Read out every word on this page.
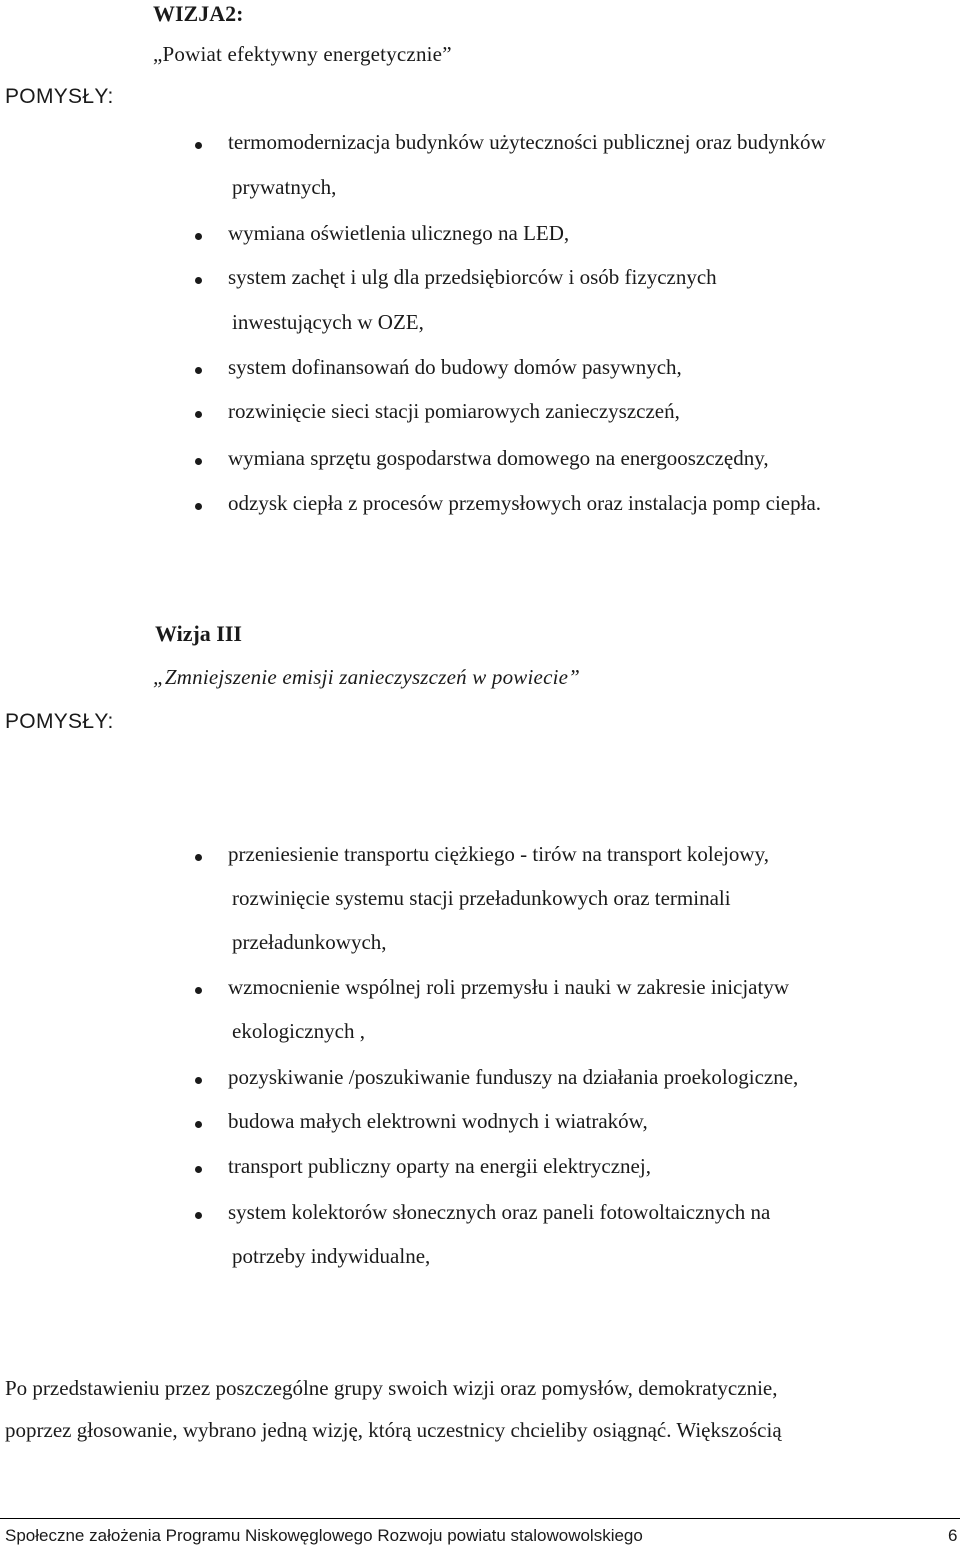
WIZJA2:
„Powiat efektywny energetycznie”
POMYSŁY:
termomodernizacja budynków użyteczności publicznej oraz budynków
prywatnych,
wymiana oświetlenia ulicznego na LED,
system zachęt i ulg dla przedsiębiorców i osób fizycznych
inwestujących w OZE,
system dofinansowań do budowy domów pasywnych,
rozwinięcie sieci stacji pomiarowych zanieczyszczeń,
wymiana sprzętu gospodarstwa domowego na energooszczędny,
odzysk ciepła z procesów przemysłowych oraz instalacja pomp ciepła.
Wizja III
„Zmniejszenie emisji zanieczyszczeń w powiecie”
POMYSŁY:
przeniesienie transportu ciężkiego - tirów na transport kolejowy,
rozwinięcie systemu stacji przeładunkowych oraz terminali
przeładunkowych,
wzmocnienie wspólnej roli przemysłu i nauki w zakresie inicjatyw
ekologicznych ,
pozyskiwanie /poszukiwanie funduszy na działania proekologiczne,
budowa małych elektrowni wodnych i wiatraków,
transport publiczny oparty na energii elektrycznej,
system kolektorów słonecznych oraz paneli fotowoltaicznych na
potrzeby indywidualne,
Po przedstawieniu przez poszczególne grupy swoich wizji oraz pomysłów, demokratycznie,
poprzez głosowanie, wybrano jedną wizję, którą uczestnicy chcieliby osiągnąć. Większością
Społeczne założenia Programu Niskowęglowego Rozwoju powiatu stalowowolskiego	6
